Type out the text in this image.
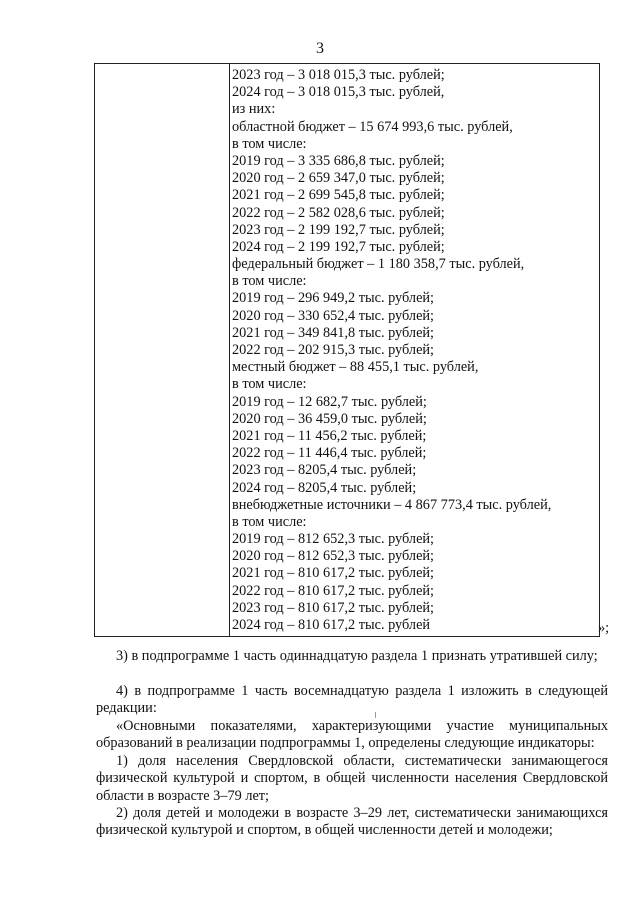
3
2023 год – 3 018 015,3 тыс. рублей;
2024 год – 3 018 015,3 тыс. рублей,
из них:
областной бюджет – 15 674 993,6 тыс. рублей,
в том числе:
2019 год – 3 335 686,8 тыс. рублей;
2020 год – 2 659 347,0 тыс. рублей;
2021 год – 2 699 545,8 тыс. рублей;
2022 год – 2 582 028,6 тыс. рублей;
2023 год – 2 199 192,7 тыс. рублей;
2024 год – 2 199 192,7 тыс. рублей;
федеральный бюджет – 1 180 358,7 тыс. рублей,
в том числе:
2019 год – 296 949,2 тыс. рублей;
2020 год – 330 652,4 тыс. рублей;
2021 год – 349 841,8 тыс. рублей;
2022 год – 202 915,3 тыс. рублей;
местный бюджет – 88 455,1 тыс. рублей,
в том числе:
2019 год – 12 682,7 тыс. рублей;
2020 год – 36 459,0 тыс. рублей;
2021 год – 11 456,2 тыс. рублей;
2022 год – 11 446,4 тыс. рублей;
2023 год – 8205,4 тыс. рублей;
2024 год – 8205,4 тыс. рублей;
внебюджетные источники – 4 867 773,4 тыс. рублей,
в том числе:
2019 год – 812 652,3 тыс. рублей;
2020 год – 812 652,3 тыс. рублей;
2021 год – 810 617,2 тыс. рублей;
2022 год – 810 617,2 тыс. рублей;
2023 год – 810 617,2 тыс. рублей;
2024 год – 810 617,2 тыс. рублей	»;

3) в подпрограмме 1 часть одиннадцатую раздела 1 признать утратившей силу;

4) в подпрограмме 1 часть восемнадцатую раздела 1 изложить в следующей редакции:

«Основными показателями, характеризующими участие муниципальных образований в реализации подпрограммы 1, определены следующие индикаторы:

1) доля населения Свердловской области, систематически занимающегося физической культурой и спортом, в общей численности населения Свердловской области в возрасте 3–79 лет;

2) доля детей и молодежи в возрасте 3–29 лет, систематически занимающихся физической культурой и спортом, в общей численности детей и молодежи;
